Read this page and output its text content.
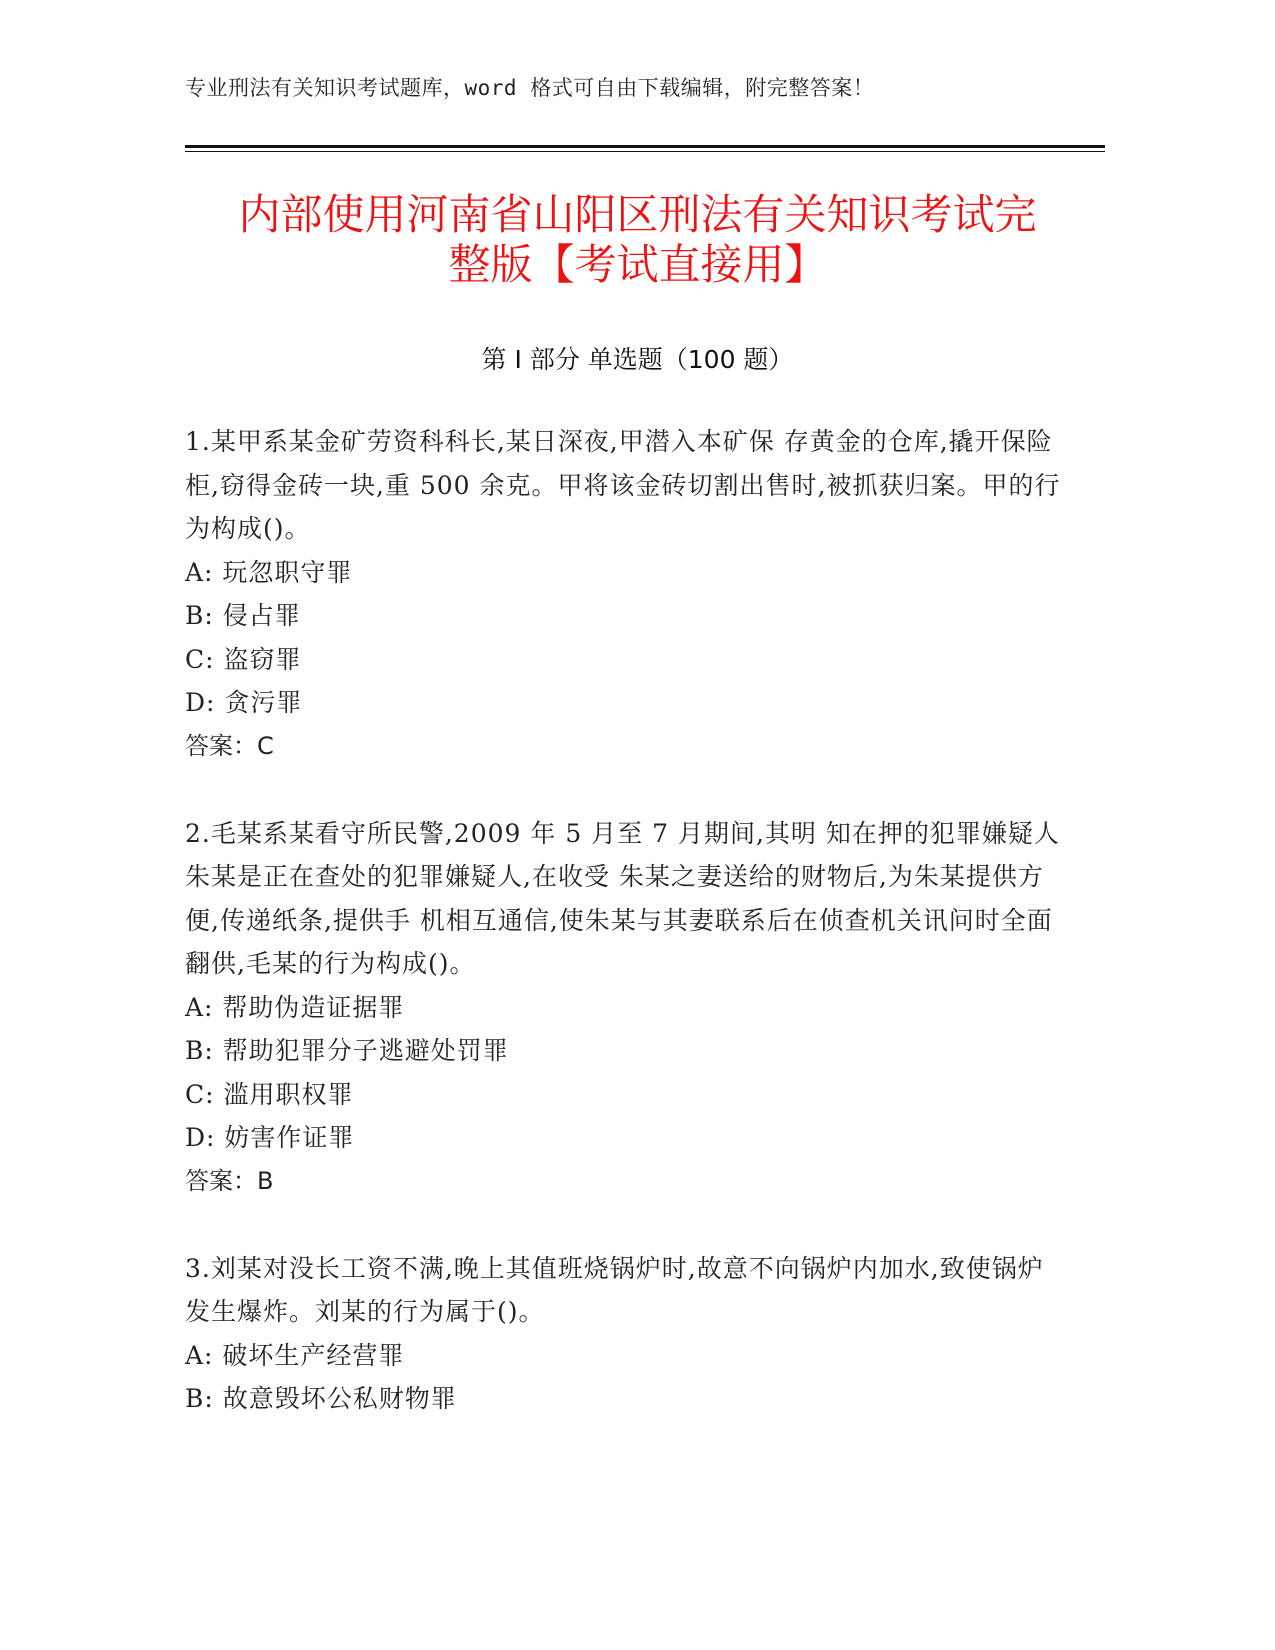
专业刑法有关知识考试题库，word 格式可自由下载编辑，附完整答案！
内部使用河南省山阳区刑法有关知识考试完
整版【考试直接用】
第 I 部分 单选题（100 题）

1.某甲系某金矿劳资科科长,某日深夜,甲潜入本矿保 存黄金的仓库,撬开保险柜,窃得金砖一块,重 500 余克。甲将该金砖切割出售时,被抓获归案。甲的行为构成()。

A: 玩忽职守罪

B: 侵占罪

C: 盗窃罪

D: 贪污罪

答案：C

2.毛某系某看守所民警,2009 年 5 月至 7 月期间,其明 知在押的犯罪嫌疑人朱某是正在查处的犯罪嫌疑人,在收受 朱某之妻送给的财物后,为朱某提供方便,传递纸条,提供手 机相互通信,使朱某与其妻联系后在侦查机关讯问时全面翻供,毛某的行为构成()。

A: 帮助伪造证据罪

B: 帮助犯罪分子逃避处罚罪

C: 滥用职权罪

D: 妨害作证罪

答案：B

3.刘某对没长工资不满,晚上其值班烧锅炉时,故意不向锅炉内加水,致使锅炉发生爆炸。刘某的行为属于()。

A: 破坏生产经营罪

B: 故意毁坏公私财物罪
